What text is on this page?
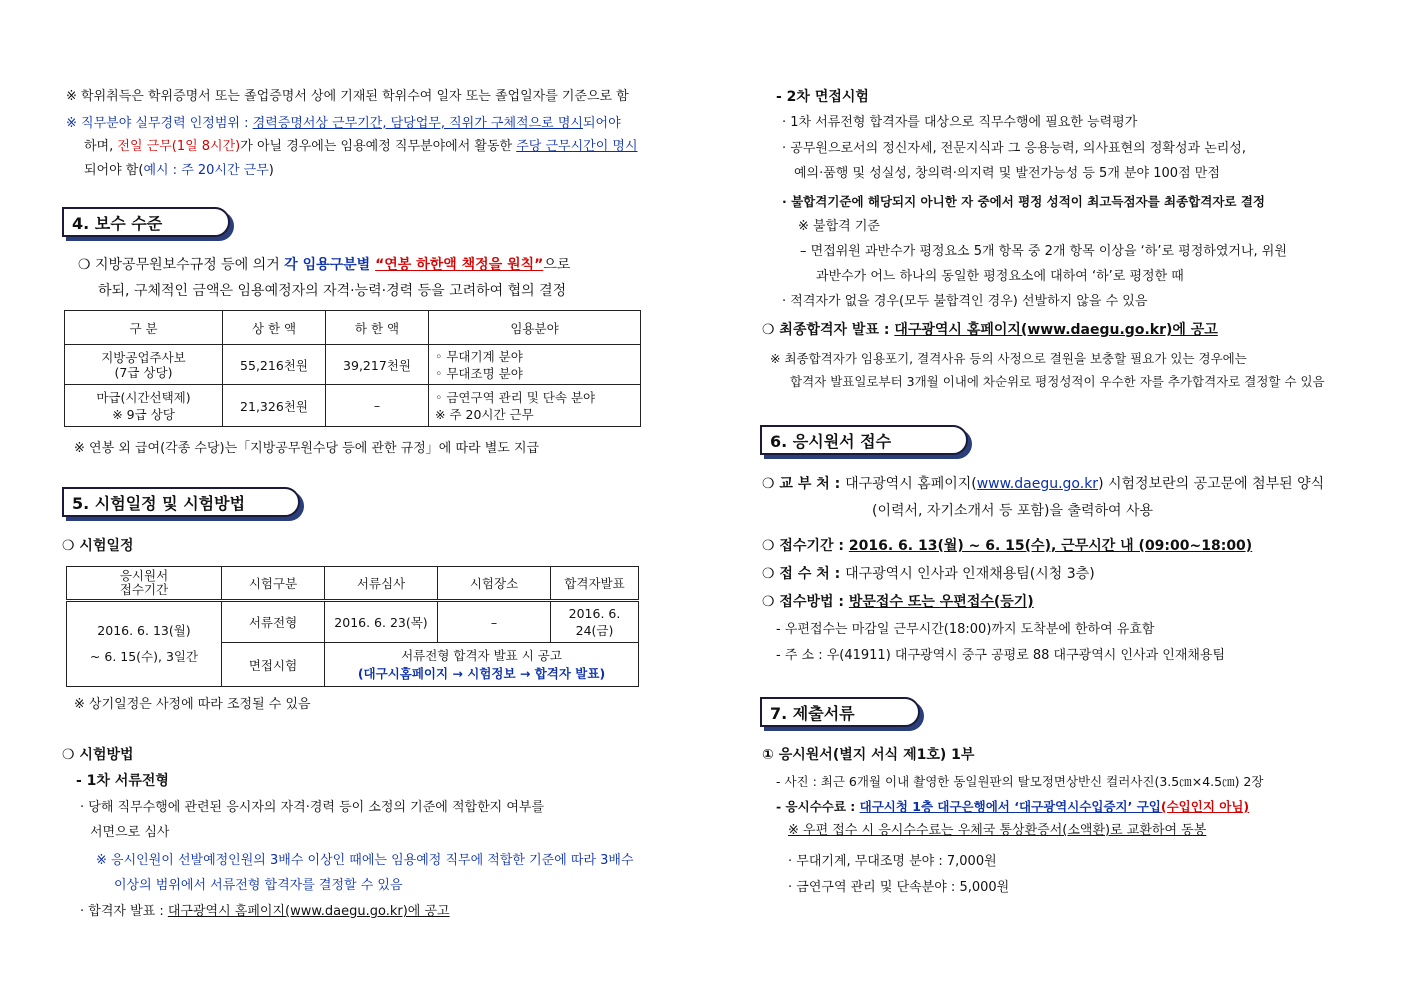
※ 학위취득은 학위증명서 또는 졸업증명서 상에 기재된 학위수여 일자 또는 졸업일자를 기준으로 함
※ 직무분야 실무경력 인정범위 : 경력증명서상 근무기간, 담당업무, 직위가 구체적으로 명시되어야
하며, 전일 근무(1일 8시간)가 아닐 경우에는 임용예정 직무분야에서 활동한 주당 근무시간이 명시
되어야 함(예시 : 주 20시간 근무)
4. 보수 수준
❍ 지방공무원보수규정 등에 의거 각 임용구분별 “연봉 하한액 책정을 원칙”으로
하되, 구체적인 금액은 임용예정자의 자격·능력·경력 등을 고려하여 협의 결정
구 분	상 한 액	하 한 액	임용분야
지방공업주사보
(7급 상당)	55,216천원	39,217천원	◦ 무대기계 분야
◦ 무대조명 분야
마급(시간선택제)
※ 9급 상당	21,326천원	–	◦ 금연구역 관리 및 단속 분야
※ 주 20시간 근무
※ 연봉 외 급여(각종 수당)는「지방공무원수당 등에 관한 규정」에 따라 별도 지급
5. 시험일정 및 시험방법
❍ 시험일정
응시원서
접수기간	시험구분	서류심사	시험장소	합격자발표
2016. 6. 13(월)
~ 6. 15(수), 3일간	서류전형	2016. 6. 23(목)	–	2016. 6. 24(금)
	면접시험	서류전형 합격자 발표 시 공고
(대구시홈페이지 → 시험정보 → 합격자 발표)		
※ 상기일정은 사정에 따라 조정될 수 있음
❍ 시험방법
- 1차 서류전형
· 당해 직무수행에 관련된 응시자의 자격·경력 등이 소정의 기준에 적합한지 여부를
서면으로 심사
※ 응시인원이 선발예정인원의 3배수 이상인 때에는 임용예정 직무에 적합한 기준에 따라 3배수
이상의 범위에서 서류전형 합격자를 결정할 수 있음
· 합격자 발표 : 대구광역시 홈페이지(www.daegu.go.kr)에 공고
- 2차 면접시험
· 1차 서류전형 합격자를 대상으로 직무수행에 필요한 능력평가
· 공무원으로서의 정신자세, 전문지식과 그 응용능력, 의사표현의 정확성과 논리성,
예의·품행 및 성실성, 창의력·의지력 및 발전가능성 등 5개 분야 100점 만점
· 불합격기준에 해당되지 아니한 자 중에서 평정 성적이 최고득점자를 최종합격자로 결정
※ 불합격 기준
– 면접위원 과반수가 평정요소 5개 항목 중 2개 항목 이상을 ‘하’로 평정하였거나, 위원
과반수가 어느 하나의 동일한 평정요소에 대하여 ‘하’로 평정한 때
· 적격자가 없을 경우(모두 불합격인 경우) 선발하지 않을 수 있음
❍ 최종합격자 발표 : 대구광역시 홈페이지(www.daegu.go.kr)에 공고
※ 최종합격자가 임용포기, 결격사유 등의 사정으로 결원을 보충할 필요가 있는 경우에는
합격자 발표일로부터 3개월 이내에 차순위로 평정성적이 우수한 자를 추가합격자로 결정할 수 있음
6. 응시원서 접수
❍ 교 부 처 : 대구광역시 홈페이지(www.daegu.go.kr) 시험정보란의 공고문에 첨부된 양식
(이력서, 자기소개서 등 포함)을 출력하여 사용
❍ 접수기간 : 2016. 6. 13(월) ~ 6. 15(수), 근무시간 내 (09:00~18:00)
❍ 접 수 처 : 대구광역시 인사과 인재채용팀(시청 3층)
❍ 접수방법 : 방문접수 또는 우편접수(등기)
- 우편접수는 마감일 근무시간(18:00)까지 도착분에 한하여 유효함
- 주 소 : 우(41911) 대구광역시 중구 공평로 88 대구광역시 인사과 인재채용팀
7. 제출서류
① 응시원서(별지 서식 제1호) 1부
- 사진 : 최근 6개월 이내 촬영한 동일원판의 탈모정면상반신 컬러사진(3.5㎝×4.5㎝) 2장
- 응시수수료 : 대구시청 1층 대구은행에서 ‘대구광역시수입증지’ 구입(수입인지 아님)
※ 우편 접수 시 응시수수료는 우체국 통상환증서(소액환)로 교환하여 동봉
· 무대기계, 무대조명 분야 : 7,000원
· 금연구역 관리 및 단속분야 : 5,000원
